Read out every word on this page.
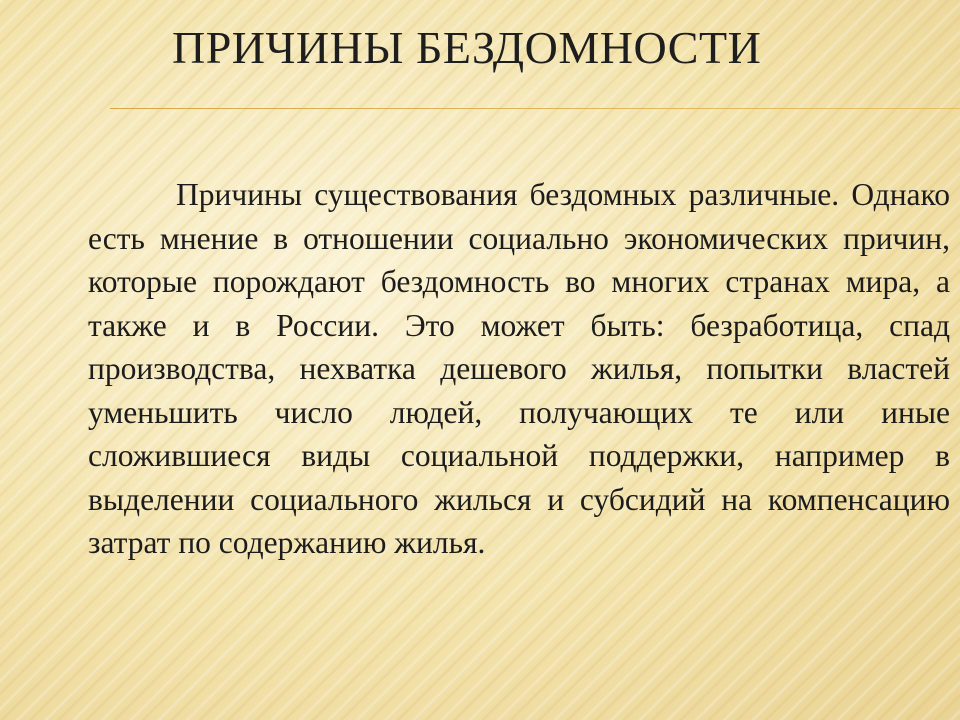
ПРИЧИНЫ БЕЗДОМНОСТИ

Причины существования бездомных различные. Однако есть мнение в отношении социально экономических причин, которые порождают бездомность во многих странах мира, а также и в России. Это может быть: безработица, спад производства, нехватка дешевого жилья, попытки властей уменьшить число людей, получающих те или иные сложившиеся виды социальной поддержки, например в выделении социального жилься и субсидий на компенсацию затрат по содержанию жилья.
